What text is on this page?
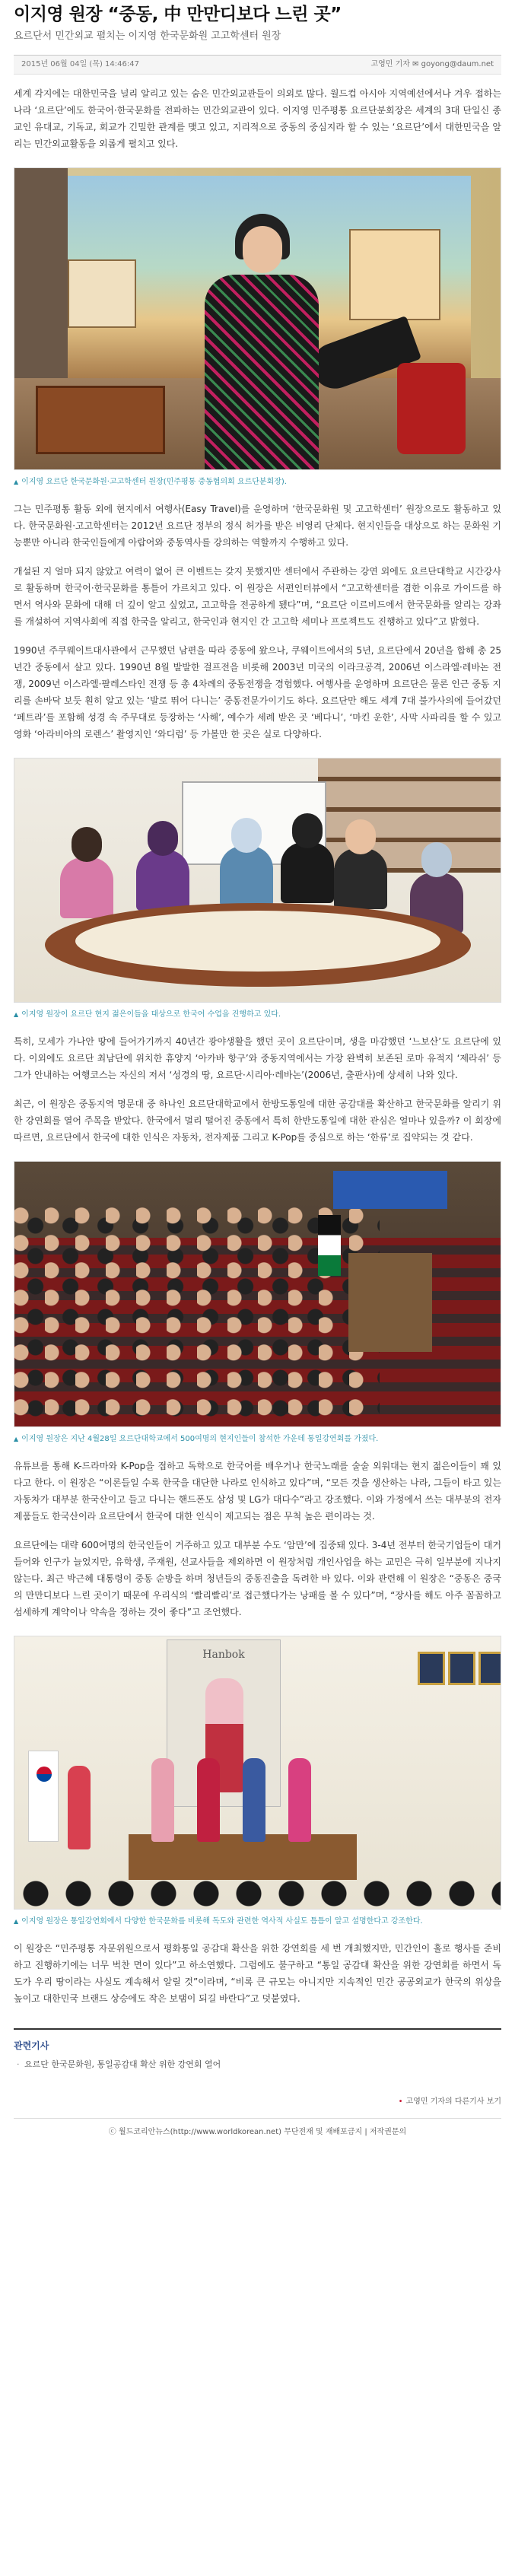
이지영 원장 “중동, 中 만만디보다 느린 곳”
요르단서 민간외교 펼치는 이지영 한국문화원 고고학센터 원장
2015년 06월 04일 (목) 14:46:47	고영민 기자 ✉ goyong@daum.net

세계 각지에는 대한민국을 널리 알리고 있는 숨은 민간외교관들이 의외로 많다. 월드컵 아시아 지역예선에서나 겨우 접하는 나라 ‘요르단’에도 한국어·한국문화를 전파하는 민간외교관이 있다. 이지영 민주평통 요르단분회장은 세계의 3대 단일신 종교인 유대교, 기독교, 회교가 긴밀한 관계를 맺고 있고, 지리적으로 중동의 중심지라 할 수 있는 ‘요르단’에서 대한민국을 알리는 민간외교활동을 외롭게 펼치고 있다.

▲ 이지영 요르단 한국문화원·고고학센터 원장(민주평통 중동협의회 요르단분회장).

그는 민주평통 활동 외에 현지에서 여행사(Easy Travel)를 운영하며 ‘한국문화원 및 고고학센터’ 원장으로도 활동하고 있다. 한국문화원·고고학센터는 2012년 요르단 정부의 정식 허가를 받은 비영리 단체다. 현지인들을 대상으로 하는 문화원 기능뿐만 아니라 한국인들에게 아랍어와 중동역사를 강의하는 역할까지 수행하고 있다.

개설된 지 얼마 되지 않았고 여력이 없어 큰 이벤트는 갖지 못했지만 센터에서 주관하는 강연 외에도 요르단대학교 시간강사로 활동하며 한국어·한국문화를 통틀어 가르치고 있다. 이 원장은 서편인터뷰에서 “고고학센터를 겸한 이유로 가이드를 하면서 역사와 문화에 대해 더 깊이 알고 싶었고, 고고학을 전공하게 됐다”며, “요르단 이르비드에서 한국문화를 알리는 강좌를 개설하여 지역사회에 직접 한국을 알리고, 한국인과 현지인 간 고고학 세미나 프로젝트도 진행하고 있다”고 밝혔다.

1990년 주쿠웨이트대사관에서 근무했던 남편을 따라 중동에 왔으나, 쿠웨이트에서의 5년, 요르단에서 20년을 합해 총 25년간 중동에서 살고 있다. 1990년 8월 발발한 걸프전을 비롯해 2003년 미국의 이라크공격, 2006년 이스라엘·레바논 전쟁, 2009년 이스라엘·팔레스타인 전쟁 등 총 4차례의 중동전쟁을 경험했다. 여행사를 운영하며 요르단은 물론 인근 중동 지리를 손바닥 보듯 훤히 알고 있는 ‘발로 뛰어 다니는’ 중동전문가이기도 하다. 요르단만 해도 세계 7대 불가사의에 들어갔던 ‘페트라’를 포함해 성경 속 주무대로 등장하는 ‘사해’, 예수가 세례 받은 곳 ‘베다니’, ‘마킨 운한’, 사막 사파리를 할 수 있고 영화 ‘아라비아의 로렌스’ 촬영지인 ‘와디럼’ 등 가볼만 한 곳은 실로 다양하다.

▲ 이지영 원장이 요르단 현지 젊은이들을 대상으로 한국어 수업을 진행하고 있다.

특히, 모세가 가나안 땅에 들어가기까지 40년간 광야생활을 했던 곳이 요르단이며, 생을 마감했던 ‘느보산’도 요르단에 있다. 이외에도 요르단 최남단에 위치한 휴양지 ‘아카바 항구’와 중동지역에서는 가장 완벽히 보존된 로마 유적지 ‘제라쉬’ 등 그가 안내하는 여행코스는 자신의 저서 ‘성경의 땅, 요르단·시리아·레바논’(2006년, 출판사)에 상세히 나와 있다.

최근, 이 원장은 중동지역 명문대 중 하나인 요르단대학교에서 한방도통일에 대한 공감대를 확산하고 한국문화를 알리기 위한 강연회를 열어 주목을 받았다. 한국에서 멀리 떨어진 중동에서 특히 한반도통일에 대한 관심은 얼마나 있을까? 이 회장에 따르면, 요르단에서 한국에 대한 인식은 자동차, 전자제품 그리고 K-Pop를 중심으로 하는 ‘한류’로 집약되는 것 같다.

▲ 이지영 원장은 지난 4월28일 요르단대학교에서 500여명의 현지인들이 참석한 가운데 통일강연회를 가졌다.

유튜브를 통해 K-드라마와 K-Pop을 접하고 독학으로 한국어를 배우거나 한국노래를 술술 외워대는 현지 젊은이들이 꽤 있다고 한다. 이 원장은 “이론들일 수록 한국을 대단한 나라로 인식하고 있다”며, “모든 것을 생산하는 나라, 그들이 타고 있는 자동차가 대부분 한국산이고 들고 다니는 핸드폰도 삼성 및 LG가 대다수”라고 강조했다. 이와 가정에서 쓰는 대부분의 전자제품들도 한국산이라 요르단에서 한국에 대한 인식이 제고되는 점은 무척 높은 편이라는 것.

요르단에는 대략 600여명의 한국인들이 거주하고 있고 대부분 수도 ‘암만’에 집중돼 있다. 3-4년 전부터 한국기업들이 대거 들어와 인구가 늘었지만, 유학생, 주재원, 선교사들을 제외하면 이 원장처럼 개인사업을 하는 교민은 극히 일부분에 지나지 않는다. 최근 박근혜 대통령이 중동 순방을 하며 청년들의 중동진출을 독려한 바 있다. 이와 관련해 이 원장은 “중동은 중국의 만만디보다 느린 곳이기 때문에 우리식의 ‘빨리빨리’로 접근했다가는 낭패를 볼 수 있다”며, “장사를 해도 아주 꼼꼼하고 섬세하게 계약이나 약속을 정하는 것이 좋다”고 조언했다.

Hanbok
▲ 이지영 원장은 통일강연회에서 다양한 한국문화를 비롯해 독도와 관련한 역사적 사실도 틈틈이 알고 설명한다고 강조한다.

이 원장은 “민주평통 자문위원으로서 평화통일 공감대 확산을 위한 강연회를 세 번 개최했지만, 민간인이 홀로 행사를 준비하고 진행하기에는 너무 벅찬 면이 있다”고 하소연했다. 그럼에도 불구하고 “통일 공감대 확산을 위한 강연회를 하면서 독도가 우리 땅이라는 사실도 계속해서 알릴 것”이라며, “비록 큰 규모는 아니지만 지속적인 민간 공공외교가 한국의 위상을 높이고 대한민국 브랜드 상승에도 작은 보탬이 되길 바란다”고 덧붙였다.

관련기사
· 요르단 한국문화원, 통일공감대 확산 위한 강연회 열어
• 고영민 기자의 다른기사 보기
ⓒ 월드코리안뉴스(http://www.worldkorean.net) 무단전재 및 재배포금지 | 저작권문의
